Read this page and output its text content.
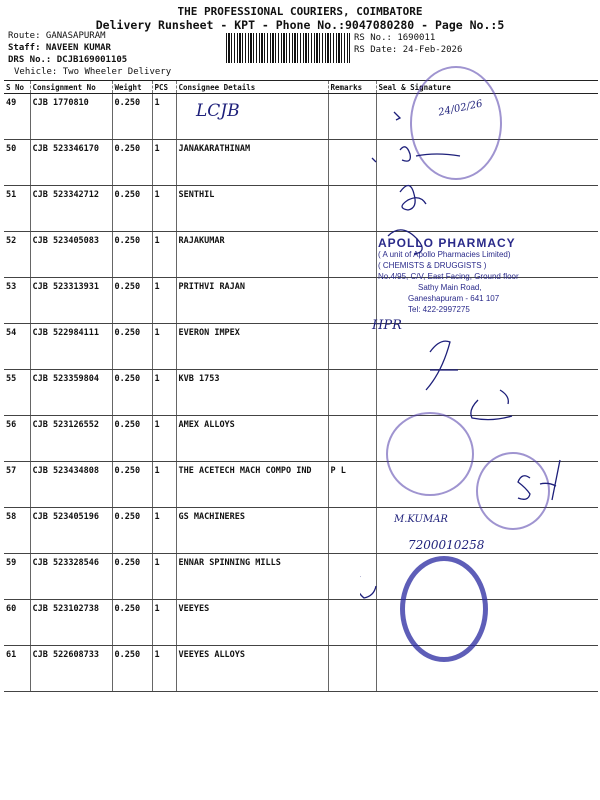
THE PROFESSIONAL COURIERS, COIMBATORE
Delivery Runsheet - KPT - Phone No.:9047080280 - Page No.:5
Route: GANASAPURAM
Staff: NAVEEN KUMAR
DRS No.: DCJB169001105
Vehicle: Two Wheeler Delivery
RS No.: 1690011
RS Date: 24-Feb-2026
S No	Consignment No	Weight	PCS	Consignee Details	Remarks	Seal & Signature
49	CJB 1770810	0.250	1			
50	CJB 523346170	0.250	1	JANAKARATHINAM		
51	CJB 523342712	0.250	1	SENTHIL		
52	CJB 523405083	0.250	1	RAJAKUMAR		
53	CJB 523313931	0.250	1	PRITHVI RAJAN		
54	CJB 522984111	0.250	1	EVERON IMPEX		
55	CJB 523359804	0.250	1	KVB 1753		
56	CJB 523126552	0.250	1	AMEX ALLOYS		
57	CJB 523434808	0.250	1	THE ACETECH MACH COMPO IND	P L	
58	CJB 523405196	0.250	1	GS MACHINERES		
59	CJB 523328546	0.250	1	ENNAR SPINNING MILLS		
60	CJB 523102738	0.250	1	VEEYES		
61	CJB 522608733	0.250	1	VEEYES ALLOYS		
LCJB	24/02/26
M.KUMAR
7200010258
HPR
APOLLO PHARMACY
( A unit of Apollo Pharmacies Limited)
( CHEMISTS & DRUGGISTS )
No.4/95, C/V, East Facing, Ground floor
Sathy Main Road,
Ganeshapuram - 641 107
Tel: 422-2997275
